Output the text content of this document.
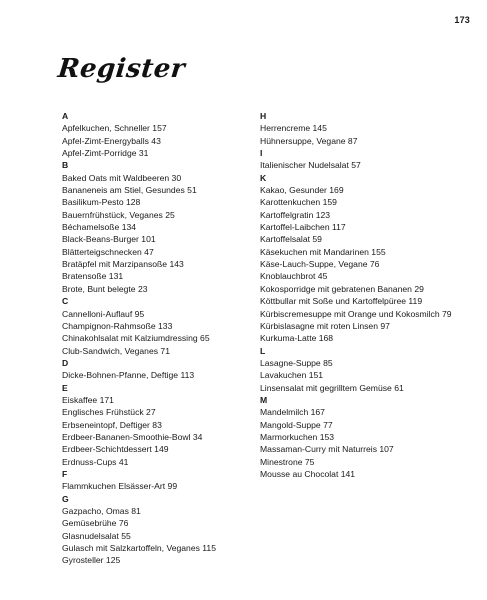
173
Register
A
Apfelkuchen, Schneller 157
Apfel-Zimt-Energyballs 43
Apfel-Zimt-Porridge 31
B
Baked Oats mit Waldbeeren 30
Bananeneis am Stiel, Gesundes 51
Basilikum-Pesto 128
Bauernfrühstück, Veganes 25
Béchamelsoße 134
Black-Beans-Burger 101
Blätterteigschnecken 47
Bratäpfel mit Marzipansoße 143
Bratensoße 131
Brote, Bunt belegte 23
C
Cannelloni-Auflauf 95
Champignon-Rahmsoße 133
Chinakohlsalat mit Kalziumdressing 65
Club-Sandwich, Veganes 71
D
Dicke-Bohnen-Pfanne, Deftige 113
E
Eiskaffee 171
Englisches Frühstück 27
Erbseneintopf, Deftiger 83
Erdbeer-Bananen-Smoothie-Bowl 34
Erdbeer-Schichtdessert 149
Erdnuss-Cups 41
F
Flammkuchen Elsässer-Art 99
G
Gazpacho, Omas 81
Gemüsebrühe 76
Glasnudelsalat 55
Gulasch mit Salzkartoffeln, Veganes 115
Gyrosteller 125
H
Herrencreme 145
Hühnersuppe, Vegane 87
I
Italienischer Nudelsalat 57
K
Kakao, Gesunder 169
Karottenkuchen 159
Kartoffelgratin 123
Kartoffel-Laibchen 117
Kartoffelsalat 59
Käsekuchen mit Mandarinen 155
Käse-Lauch-Suppe, Vegane 76
Knoblauchbrot 45
Kokosporridge mit gebratenen Bananen 29
Köttbullar mit Soße und Kartoffelpüree 119
Kürbiscremesuppe mit Orange und Kokosmilch 79
Kürbislasagne mit roten Linsen 97
Kurkuma-Latte 168
L
Lasagne-Suppe 85
Lavakuchen 151
Linsensalat mit gegrilltem Gemüse 61
M
Mandelmilch 167
Mangold-Suppe 77
Marmorkuchen 153
Massaman-Curry mit Naturreis 107
Minestrone 75
Mousse au Chocolat 141
